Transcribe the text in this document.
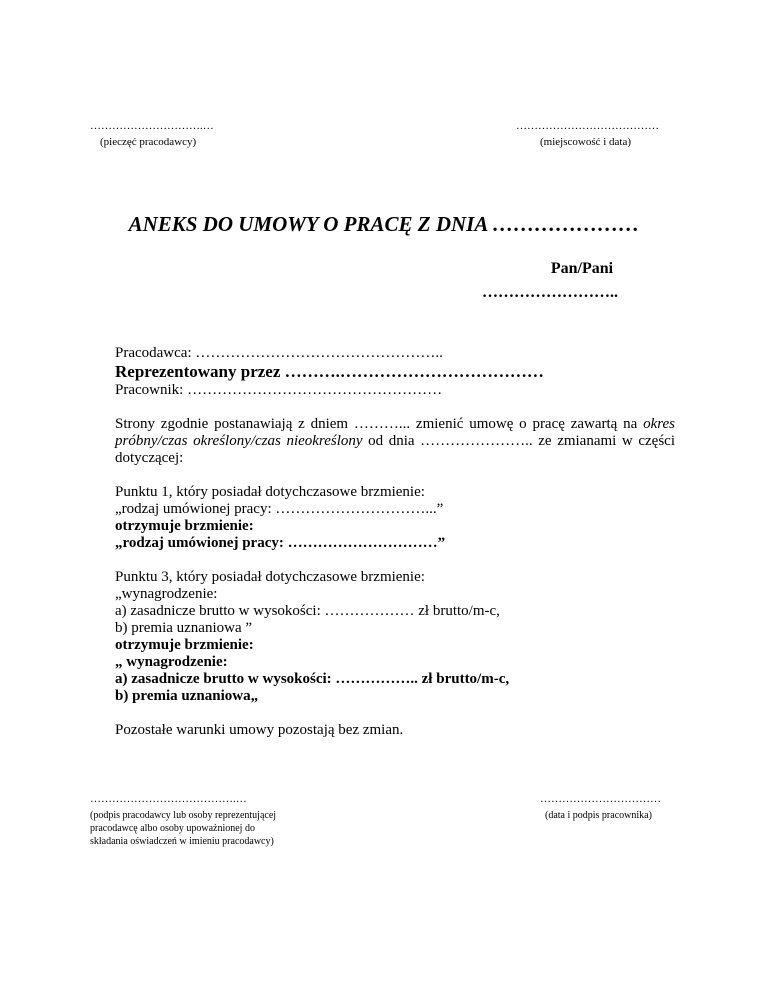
………………………….…
(pieczęć pracodawcy)
…………………………………
(miejscowość i data)
ANEKS DO UMOWY O PRACĘ Z DNIA …………………
Pan/Pani
……………………..
Pracodawca: …………………………………………..
Reprezentowany przez ……….………………………………
Pracownik: ……………………………………………
Strony zgodnie postanawiają z dniem ………... zmienić umowę o pracę zawartą na okres próbny/czas określony/czas nieokreślony od dnia ………………….. ze zmianami w części dotyczącej:
Punktu 1, który posiadał dotychczasowe brzmienie:
„rodzaj umówionej pracy: …………………………...”
otrzymuje brzmienie:
„rodzaj umówionej pracy: …………………………”
Punktu 3, który posiadał dotychczasowe brzmienie:
„wynagrodzenie:
a) zasadnicze brutto w wysokości: ……………… zł brutto/m-c,
b) premia uznaniowa ”
otrzymuje brzmienie:
„ wynagrodzenie:
a) zasadnicze brutto w wysokości: …………….. zł brutto/m-c,
b) premia uznaniowa„
Pozostałe warunki umowy pozostają bez zmian.
………………………………….…
(podpis pracodawcy lub osoby reprezentującej pracodawcę albo osoby upoważnionej do składania oświadczeń w imieniu pracodawcy)
……………………………
(data i podpis pracownika)
